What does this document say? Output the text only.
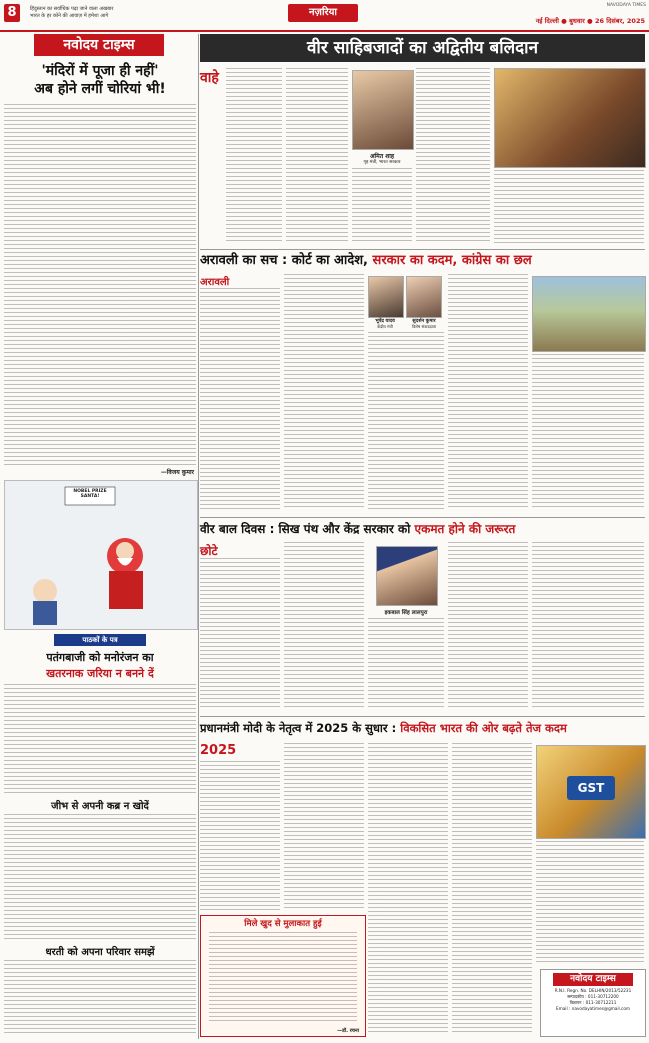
8	हिंदुस्तान का सर्वाधिक पढ़ा जाने वाला अखबार
भारत के हर कोने की आवाज़ में हमेशा आगे	नज़रिया
NAVODAYA TIMES
नई दिल्ली ● बुधवार ● 26 दिसंबर, 2025
नवोदय टाइम्स
'मंदिरों में पूजा ही नहीं'
अब होने लगीं चोरियां भी!
—विजय कुमार
NOBEL PRIZE SANTA!
पाठकों के पत्र
पतंगबाजी को मनोरंजन का
खतरनाक जरिया न बनने दें
जीभ से अपनी कब्र न खोदें
धरती को अपना परिवार समझें
वीर साहिबजादों का अद्वितीय बलिदान
वाहे
अमित शाह
गृह मंत्री, भारत सरकार
अरावली का सच : कोर्ट का आदेश, सरकार का कदम, कांग्रेस का छल
अरावली
भूपेंद्र यादव
केंद्रीय मंत्री
सुदर्शन कुमार
विशेष संवाददाता
वीर बाल दिवस : सिख पंथ और केंद्र सरकार को एकमत होने की जरूरत
छोटे
इकबाल सिंह लालपुरा
प्रधानमंत्री मोदी के नेतृत्व में 2025 के सुधार : विकसित भारत की ओर बढ़ते तेज कदम
2025
मिले खुद से मुलाकात हुई
—डॉ. रचना
GST
नवोदय टाइम्स
R.N.I. Regn. No. DELHIN/2013/52231
सम्पादकीय : 011-30712200
विज्ञापन : 011-30712211
Email : navodayatimes@gmail.com
